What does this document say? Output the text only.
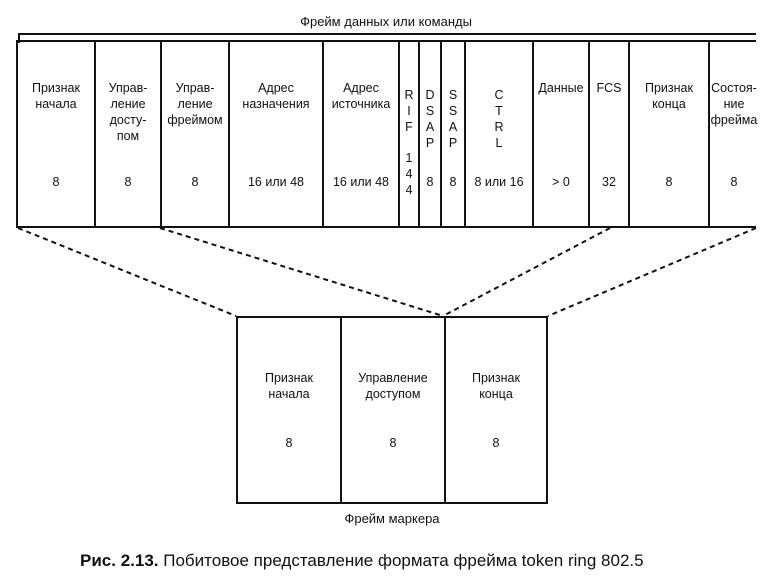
Фрейм данных или команды
Признак
начала
8
Управ-
ление
досту-
пом
8
Управ-
ление
фреймом
8
Адрес
назначения
16 или 48
Адрес
источника
16 или 48
R
I
F
1
4
4
D
S
A
P
8
S
S
A
P
8
C
T
R
L
8 или 16
Данные
> 0
FCS
32
Признак
конца
8
Состоя-
ние
фрейма
8
Признак
начала
8
Управление
доступом
8
Признак
конца
8
Фрейм маркера
Рис. 2.13. Побитовое представление формата фрейма token ring 802.5
